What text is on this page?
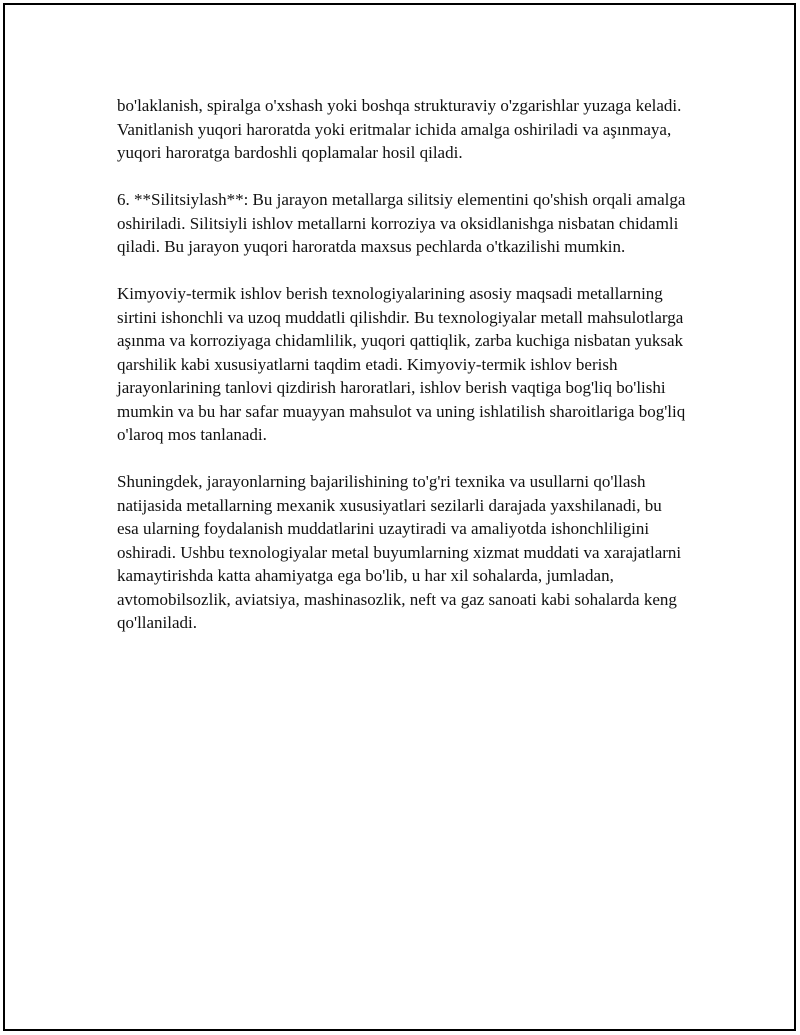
bo'laklanish, spiralga o'xshash yoki boshqa strukturaviy o'zgarishlar yuzaga keladi. Vanitlanish yuqori haroratda yoki eritmalar ichida amalga oshiriladi va aşınmaya, yuqori haroratga bardoshli qoplamalar hosil qiladi.

6. **Silitsiylash**: Bu jarayon metallarga silitsiy elementini qo'shish orqali amalga oshiriladi. Silitsiyli ishlov metallarni korroziya va oksidlanishga nisbatan chidamli qiladi. Bu jarayon yuqori haroratda maxsus pechlarda o'tkazilishi mumkin.

Kimyoviy-termik ishlov berish texnologiyalarining asosiy maqsadi metallarning sirtini ishonchli va uzoq muddatli qilishdir. Bu texnologiyalar metall mahsulotlarga aşınma va korroziyaga chidamlilik, yuqori qattiqlik, zarba kuchiga nisbatan yuksak qarshilik kabi xususiyatlarni taqdim etadi. Kimyoviy-termik ishlov berish jarayonlarining tanlovi qizdirish haroratlari, ishlov berish vaqtiga bog'liq bo'lishi mumkin va bu har safar muayyan mahsulot va uning ishlatilish sharoitlariga bog'liq o'laroq mos tanlanadi.

Shuningdek, jarayonlarning bajarilishining to'g'ri texnika va usullarni qo'llash natijasida metallarning mexanik xususiyatlari sezilarli darajada yaxshilanadi, bu esa ularning foydalanish muddatlarini uzaytiradi va amaliyotda ishonchliligini oshiradi. Ushbu texnologiyalar metal buyumlarning xizmat muddati va xarajatlarni kamaytirishda katta ahamiyatga ega bo'lib, u har xil sohalarda, jumladan, avtomobilsozlik, aviatsiya, mashinasozlik, neft va gaz sanoati kabi sohalarda keng qo'llaniladi.
